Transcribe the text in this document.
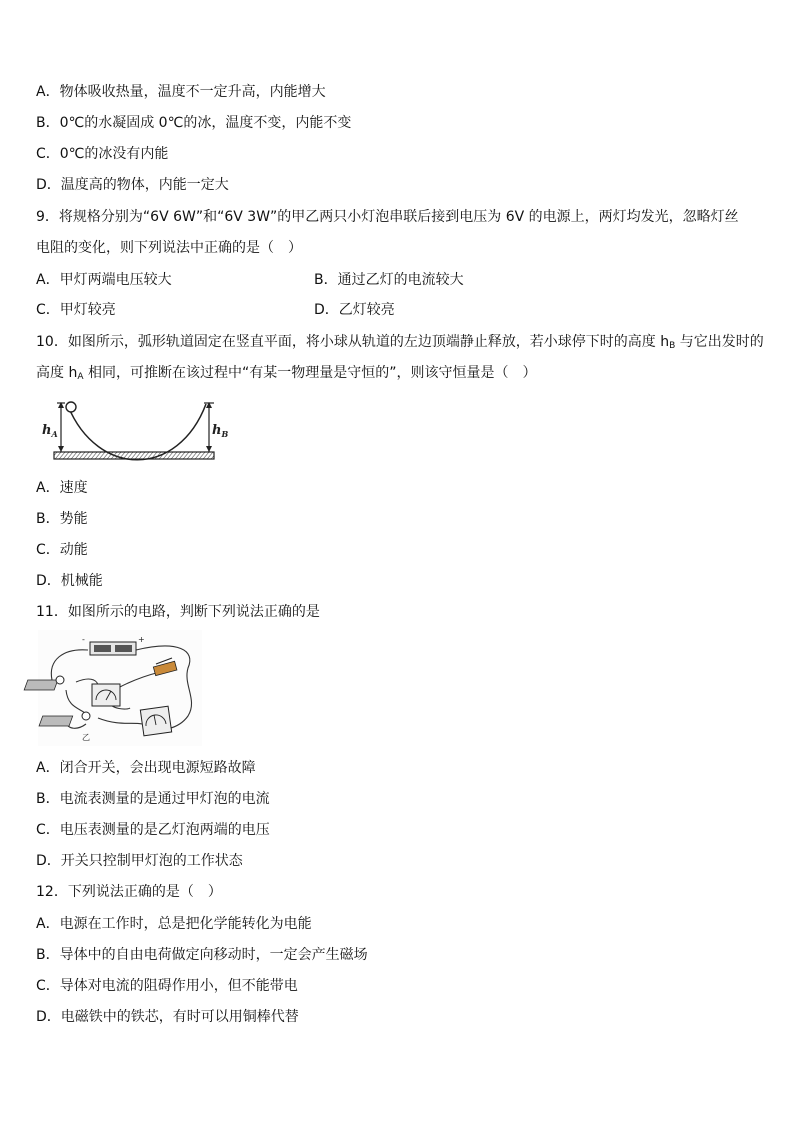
A．物体吸收热量，温度不一定升高，内能增大
B．0℃的水凝固成 0℃的冰，温度不变，内能不变
C．0℃的冰没有内能
D．温度高的物体，内能一定大
9．将规格分别为“6V 6W”和“6V 3W”的甲乙两只小灯泡串联后接到电压为 6V 的电源上，两灯均发光，忽略灯丝
电阻的变化，则下列说法中正确的是（　）
A．甲灯两端电压较大	B．通过乙灯的电流较大
C．甲灯较亮	D．乙灯较亮
10．如图所示，弧形轨道固定在竖直平面，将小球从轨道的左边顶端静止释放，若小球停下时的高度 $h_B$ 与它出发时的
高度 $h_A$ 相同，可推断在该过程中“有某一物理量是守恒的”，则该守恒量是（　）
$h_A$	$h_B$
A．速度
B．势能
C．动能
D．机械能
11．如图所示的电路，判断下列说法正确的是
-	+
乙
A．闭合开关，会出现电源短路故障
B．电流表测量的是通过甲灯泡的电流
C．电压表测量的是乙灯泡两端的电压
D．开关只控制甲灯泡的工作状态
12．下列说法正确的是（　）
A．电源在工作时，总是把化学能转化为电能
B．导体中的自由电荷做定向移动时，一定会产生磁场
C．导体对电流的阻碍作用小，但不能带电
D．电磁铁中的铁芯，有时可以用铜棒代替
